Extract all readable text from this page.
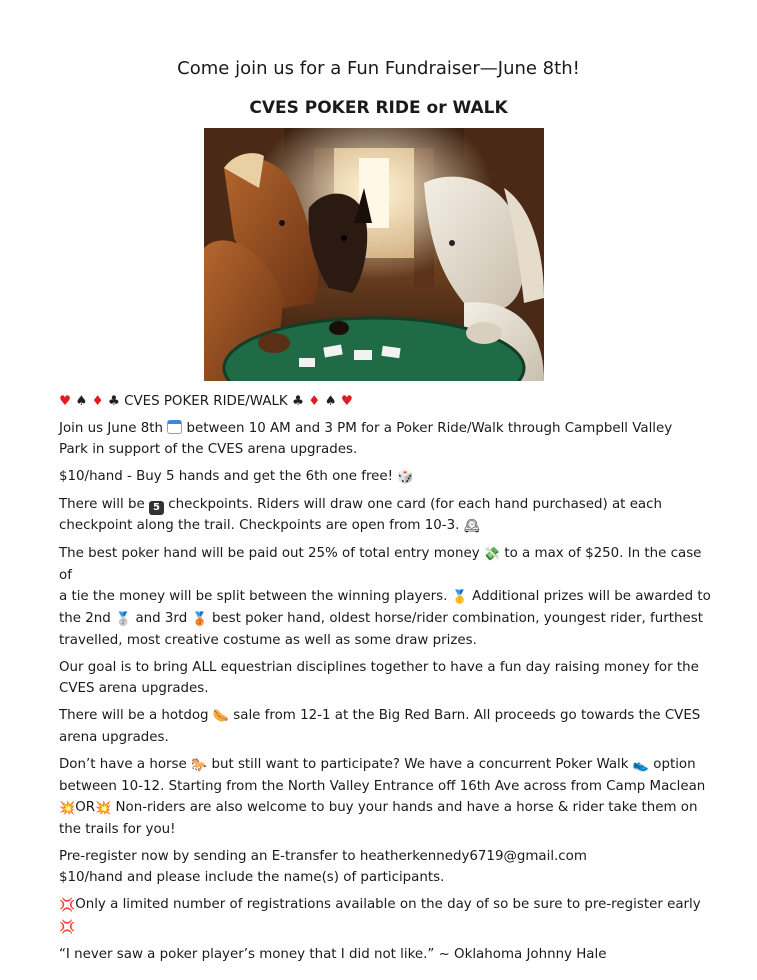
Come join us for a Fun Fundraiser—June 8th!
CVES POKER RIDE or WALK

♥ ♠ ♦ ♣ CVES POKER RIDE/WALK ♣ ♦ ♠ ♥

Join us June 8th between 10 AM and 3 PM for a Poker Ride/Walk through Campbell Valley
Park in support of the CVES arena upgrades.

$10/hand - Buy 5 hands and get the 6th one free! 🎲

There will be 5 checkpoints. Riders will draw one card (for each hand purchased) at each
checkpoint along the trail. Checkpoints are open from 10-3. 🕰

The best poker hand will be paid out 25% of total entry money 💸 to a max of $250. In the case of
a tie the money will be split between the winning players. 🥇 Additional prizes will be awarded to
the 2nd 🥈 and 3rd 🥉 best poker hand, oldest horse/rider combination, youngest rider, furthest
travelled, most creative costume as well as some draw prizes.

Our goal is to bring ALL equestrian disciplines together to have a fun day raising money for the
CVES arena upgrades.

There will be a hotdog 🌭 sale from 12-1 at the Big Red Barn. All proceeds go towards the CVES
arena upgrades.

Don’t have a horse 🐎 but still want to participate? We have a concurrent Poker Walk 👟 option
between 10-12. Starting from the North Valley Entrance off 16th Ave across from Camp Maclean
💥OR💥 Non-riders are also welcome to buy your hands and have a horse & rider take them on
the trails for you!

Pre-register now by sending an E-transfer to heatherkennedy6719@gmail.com
$10/hand and please include the name(s) of participants.

💢Only a limited number of registrations available on the day of so be sure to pre-register early
💢

“I never saw a poker player’s money that I did not like.” ~ Oklahoma Johnny Hale
